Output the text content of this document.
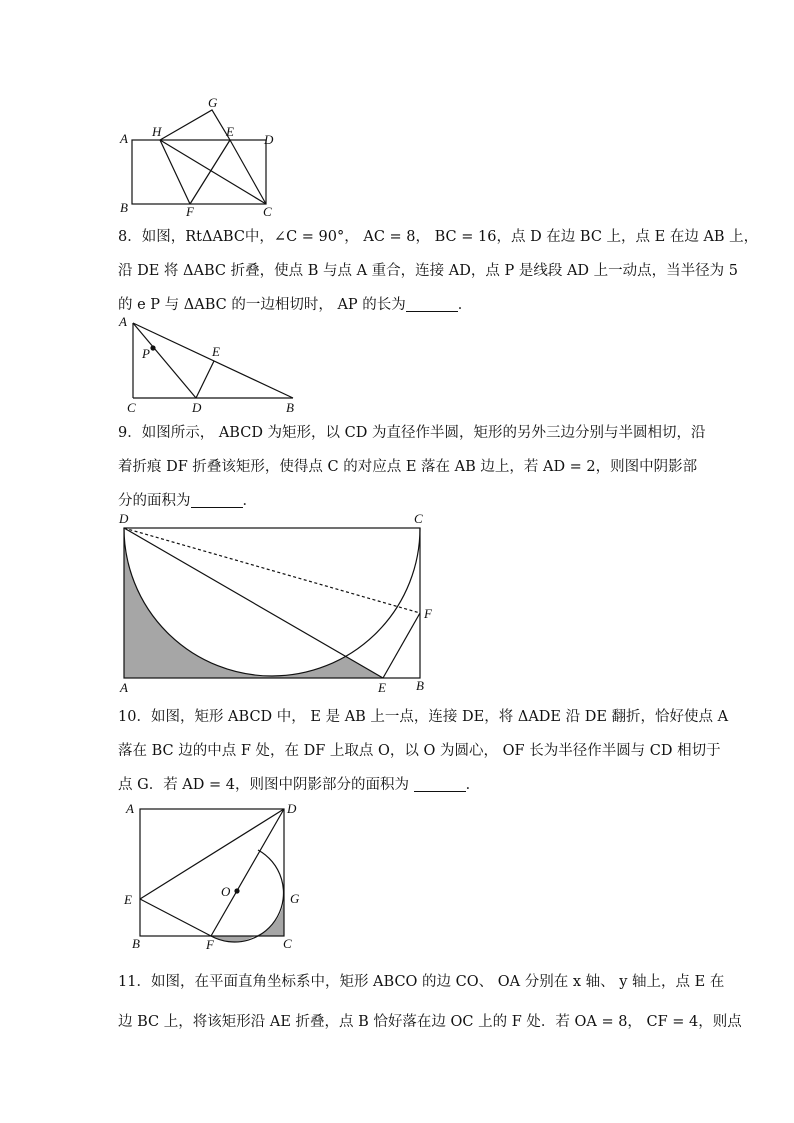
A H
G
E
D
B	F	C
8．如图，RtΔABC中，∠C = 90°， AC = 8， BC = 16，点 D 在边 BC 上，点 E 在边 AB 上，
沿 DE 将 ΔABC 折叠，使点 B 与点 A 重合，连接 AD，点 P 是线段 AD 上一动点，当半径为 5
的 e P 与 ΔABC 的一边相切时， AP 的长为	．
A
P	E
C	D	B
9．如图所示， ABCD 为矩形，以 CD 为直径作半圆，矩形的另外三边分别与半圆相切，沿
着折痕 DF 折叠该矩形，使得点 C 的对应点 E 落在 AB 边上，若 AD = 2，则图中阴影部
分的面积为	．
D	C
F
A	E B
10．如图，矩形 ABCD 中， E 是 AB 上一点，连接 DE，将 ΔADE 沿 DE 翻折，恰好使点 A
落在 BC 边的中点 F 处，在 DF 上取点 O，以 O 为圆心， OF 长为半径作半圆与 CD 相切于
点 G．若 AD = 4，则图中阴影部分的面积为	．
A	D
O	G
E
B	F	C
11．如图，在平面直角坐标系中，矩形 ABCO 的边 CO、 OA 分别在 x 轴、 y 轴上，点 E 在
边 BC 上，将该矩形沿 AE 折叠，点 B 恰好落在边 OC 上的 F 处．若 OA = 8， CF = 4，则点
